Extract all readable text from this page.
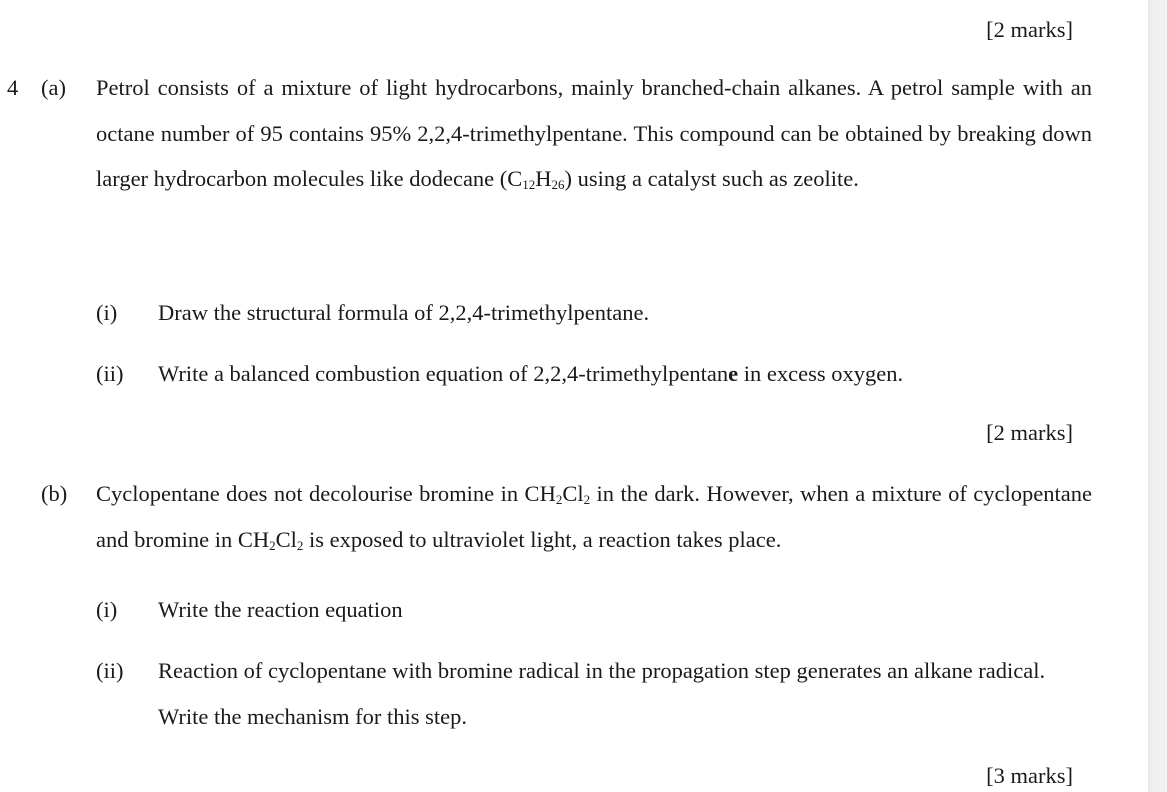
[2 marks]
4 (a) Petrol consists of a mixture of light hydrocarbons, mainly branched-chain alkanes. A petrol sample with an octane number of 95 contains 95% 2,2,4-trimethylpentane. This compound can be obtained by breaking down larger hydrocarbon molecules like dodecane $(C_{12}H_{26})$ using a catalyst such as zeolite.
(i) Draw the structural formula of 2,2,4-trimethylpentane.
(ii) Write a balanced combustion equation of 2,2,4-trimethylpentane in excess oxygen.
[2 marks]
(b) Cyclopentane does not decolourise bromine in $CH_2Cl_2$ in the dark. However, when a mixture of cyclopentane and bromine in $CH_2Cl_2$ is exposed to ultraviolet light, a reaction takes place.
(i) Write the reaction equation
(ii) Reaction of cyclopentane with bromine radical in the propagation step generates an alkane radical. Write the mechanism for this step.
[3 marks]
